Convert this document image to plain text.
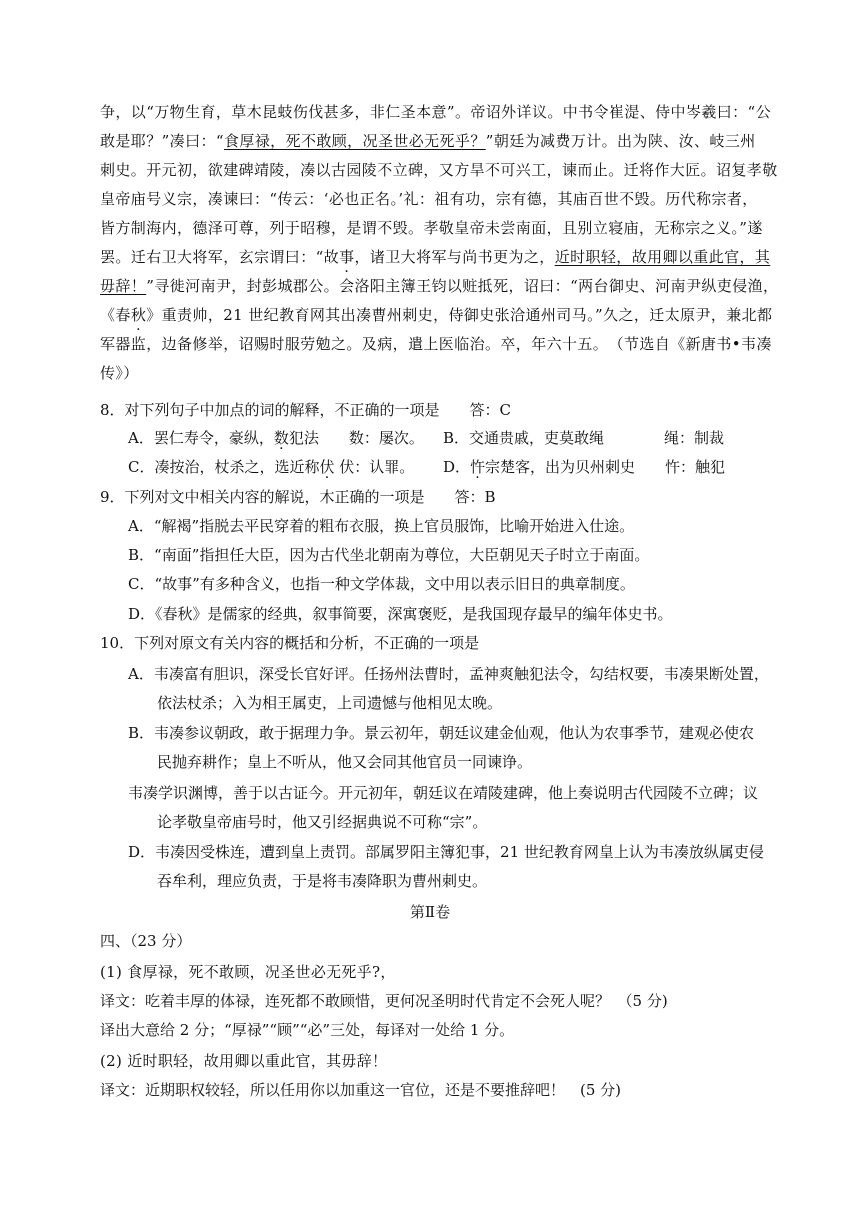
争，以“万物生育，草木昆蚑伤伐甚多，非仁圣本意”。帝诏外详议。中书令崔湜、侍中岑羲曰：“公
敢是耶？”凑曰：“食厚禄，死不敢顾，况圣世必无死乎？”朝廷为减费万计。出为陕、汝、岐三州
刺史。开元初，欲建碑靖陵，凑以古园陵不立碑，又方旱不可兴工，谏而止。迁将作大匠。诏复孝敬
皇帝庙号义宗，凑谏曰：“传云：‘必也正名。’礼：祖有功，宗有德，其庙百世不毁。历代称宗者，
皆方制海内，德泽可尊，列于昭穆，是谓不毁。孝敬皇帝未尝南面，且别立寝庙，无称宗之义。”遂
罢。迁右卫大将军，玄宗谓曰：“故事，诸卫大将军与尚书更为之，近时职轻，故用卿以重此官，其
毋辞！”寻徙河南尹，封彭城郡公。会洛阳主簿王钧以赃抵死，诏曰：“两台御史、河南尹纵吏侵渔，
《春秋》重责帅，21 世纪教育网其出凑曹州刺史，侍御史张洽通州司马。”久之，迁太原尹，兼北都
军器监，边备修举，诏赐时服劳勉之。及病，遣上医临治。卒，年六十五。　（节选自《新唐书•韦凑
传》）
8．对下列句子中加点的词的解释，不正确的一项是　　答：C
A．罢仁寿令，豪纵，数犯法　　数：屡次。 B．交通贵戚，吏莫敢绳　　　　绳：制裁
C．凑按治，杖杀之，选近称伏 伏：认罪。 D．忤宗楚客，出为贝州刺史　　忤：触犯
9．下列对文中相关内容的解说，木正确的一项是　　答：B
A．“解褐”指脱去平民穿着的粗布衣服，换上官员服饰，比喻开始进入仕途。
B．“南面”指担任大臣，因为古代坐北朝南为尊位，大臣朝见天子时立于南面。
C．“故事”有多种含义，也指一种文学体裁，文中用以表示旧日的典章制度。
D．《春秋》是儒家的经典，叙事简要，深寓褒贬，是我国现存最早的编年体史书。
10．下列对原文有关内容的概括和分析，不正确的一项是
A．韦凑富有胆识，深受长官好评。任扬州法曹时，孟神爽触犯法令，勾结权要，韦凑果断处置，
依法杖杀；入为相王属吏，上司遗憾与他相见太晚。
B．韦凑参议朝政，敢于据理力争。景云初年，朝廷议建金仙观，他认为农事季节，建观必使农
民抛弃耕作；皇上不听从，他又会同其他官员一同谏诤。
韦凑学识渊博，善于以古证今。开元初年，朝廷议在靖陵建碑，他上奏说明古代园陵不立碑；议
论孝敬皇帝庙号时，他又引经据典说不可称“宗”。
D．韦凑因受株连，遭到皇上责罚。部属罗阳主簿犯事，21 世纪教育网皇上认为韦凑放纵属吏侵
吞牟利，理应负责，于是将韦凑降职为曹州刺史。
第Ⅱ卷
四、（23 分）
(1) 食厚禄，死不敢顾，况圣世必无死乎?，
译文：吃着丰厚的体禄，连死都不敢顾惜，更何况圣明时代肯定不会死人呢？　（5 分)
译出大意给 2 分；“厚禄”“顾”“必”三处，每译对一处给 1 分。
(2) 近时职轻，故用卿以重此官，其毋辞！
译文：近期职权较轻，所以任用你以加重这一官位，还是不要推辞吧！　(5 分)
